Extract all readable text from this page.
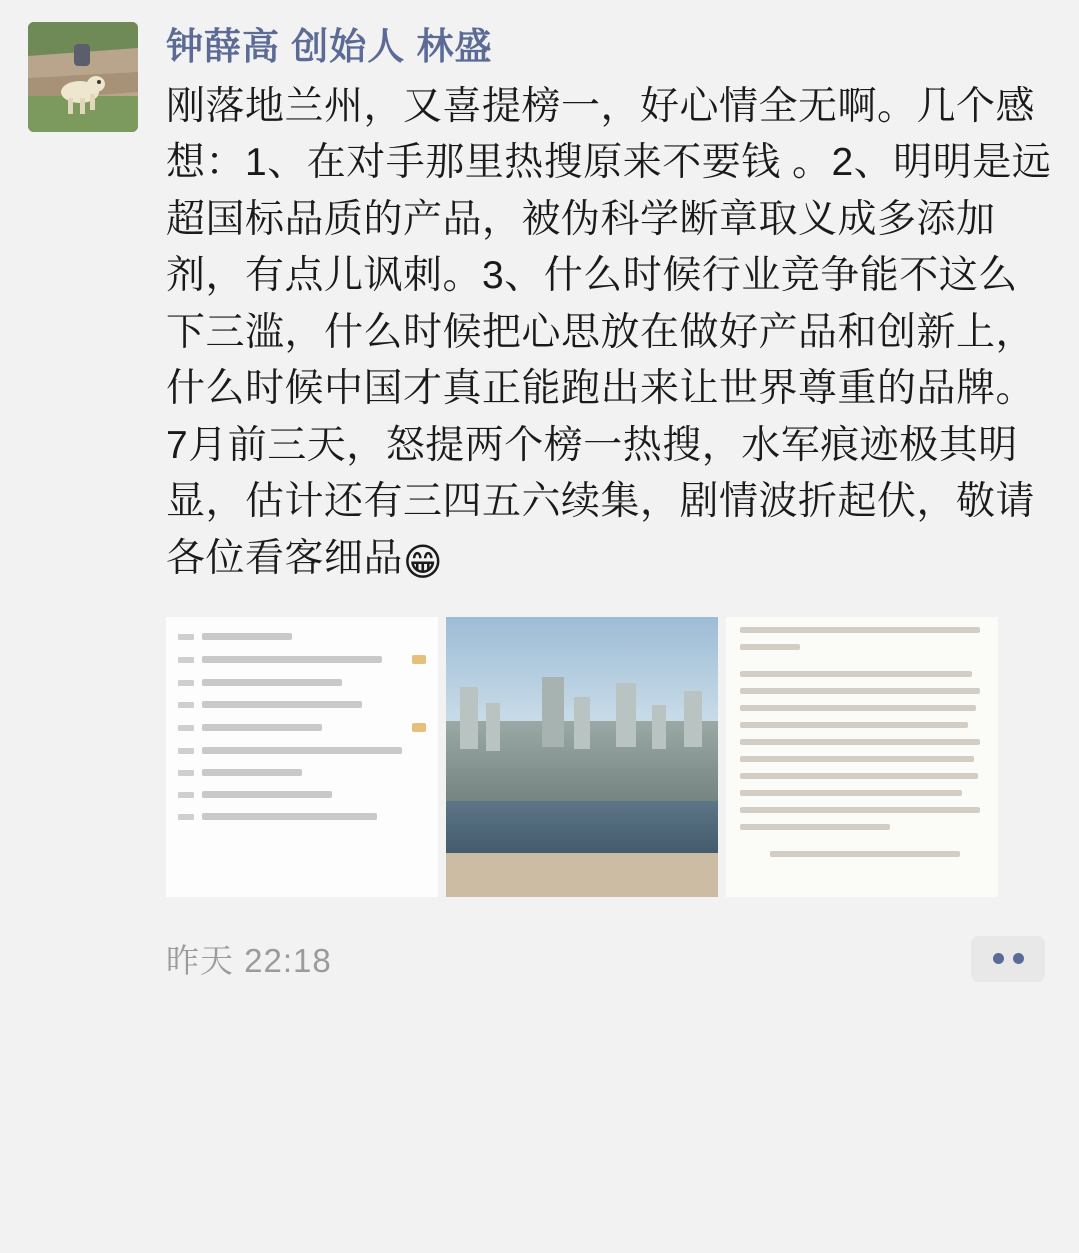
钟薛高 创始人 林盛
刚落地兰州，又喜提榜一，好心情全无啊。几个感想：1、在对手那里热搜原来不要钱 。2、明明是远超国标品质的产品，被伪科学断章取义成多添加剂，有点儿讽刺。3、什么时候行业竞争能不这么下三滥，什么时候把心思放在做好产品和创新上，什么时候中国才真正能跑出来让世界尊重的品牌。7月前三天，怒提两个榜一热搜，水军痕迹极其明显，估计还有三四五六续集，剧情波折起伏，敬请各位看客细品😁
昨天 22:18
